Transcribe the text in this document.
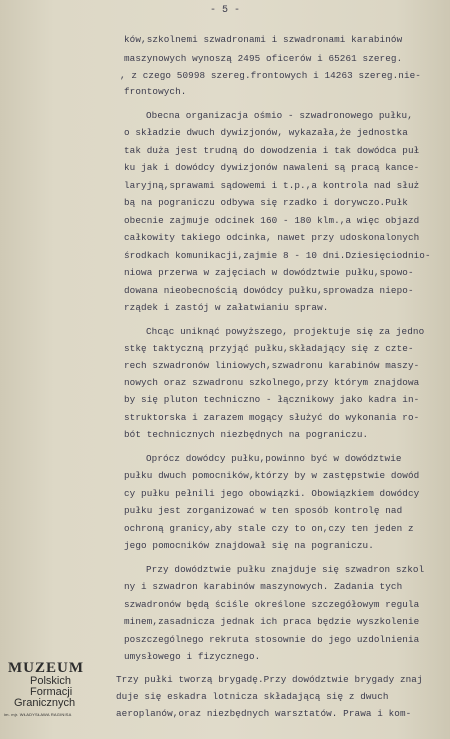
- 5 -
ków,szkolnemi szwadronami i szwadronami karabinów
maszynowych wynoszą 2495 oficerów i 65261 szereg.
, z czego 50998 szereg.frontowych i 14263 szereg.nie-
frontowych.
Obecna organizacja ośmio - szwadronowego pułku,
o składzie dwuch dywizjonów, wykazała,że jednostka
tak duża jest trudną do dowodzenia i tak dowódca puł
ku jak i dowódcy dywizjonów nawaleni są pracą kance-
laryjną,sprawami sądowemi i t.p.,a kontrola nad służ
bą na pograniczu odbywa się rzadko i dorywczo.Pułk
obecnie zajmuje odcinek 160 - 180 klm.,a więc objazd
całkowity takiego odcinka, nawet przy udoskonalonych
środkach komunikacji,zajmie 8 - 10 dni.Dziesięciodnio-
niowa przerwa w zajęciach w dowództwie pułku,spowo-
dowana nieobecnością dowódcy pułku,sprowadza niepo-
rządek i zastój w załatwianiu spraw.
Chcąc uniknąć powyższego, projektuje się za jedno
stkę taktyczną przyjąć pułku,składający się z czte-
rech szwadronów liniowych,szwadronu karabinów maszy-
nowych oraz szwadronu szkolnego,przy którym znajdowa
by się pluton techniczno - łącznikowy jako kadra in-
struktorska i zarazem mogący służyć do wykonania ro-
bót technicznych niezbędnych na pograniczu.
Oprócz dowódcy pułku,powinno być w dowództwie
pułku dwuch pomocników,którzy by w zastępstwie dowód
cy pułku pełnili jego obowiązki. Obowiązkiem dowódcy
pułku jest zorganizować w ten sposób kontrolę nad
ochroną granicy,aby stale czy to on,czy ten jeden z
jego pomocników znajdował się na pograniczu.
Przy dowództwie pułku znajduje się szwadron szkol
ny i szwadron karabinów maszynowych. Zadania tych
szwadronów będą ściśle określone szczegółowym regula
minem,zasadnicza jednak ich praca będzie wyszkolenie
poszczególnego rekruta stosownie do jego uzdolnienia
umysłowego i fizycznego.
Trzy pułki tworzą brygadę.Przy dowództwie brygady znaj
duje się eskadra lotnicza składającą się z dwuch
aeroplanów,oraz niezbędnych warsztatów. Prawa i kom-
MUZEUM
Polskich
Formacji
Granicznych
im. mjr. WŁADYSŁAWA RAGINISA
